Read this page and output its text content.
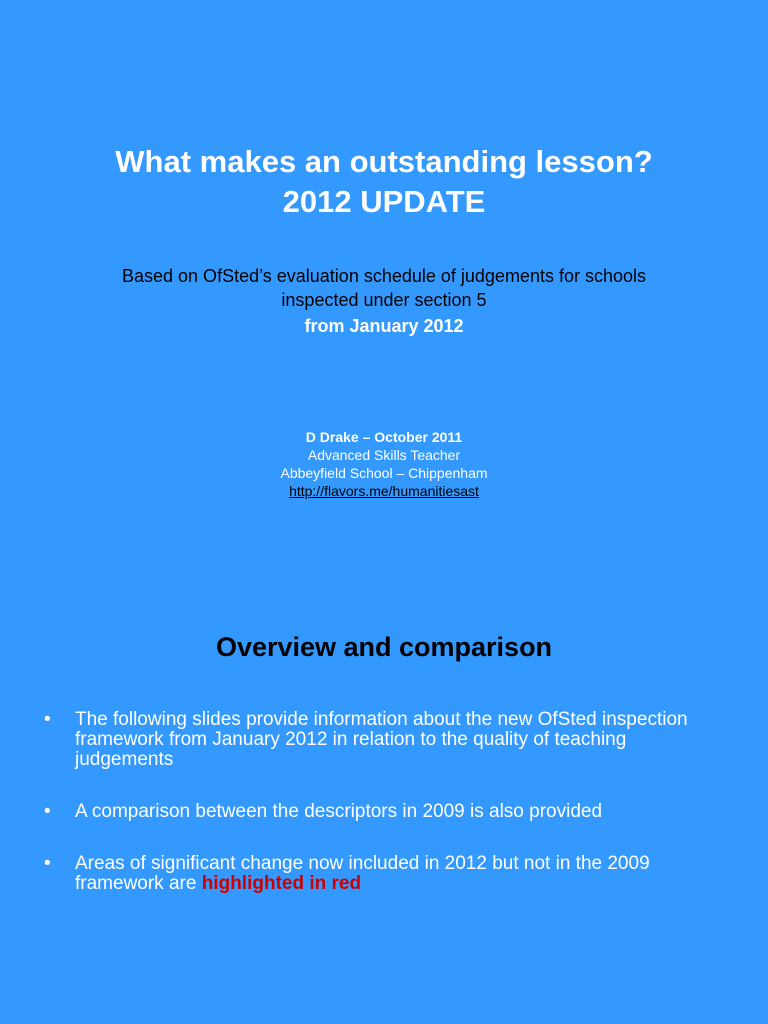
What makes an outstanding lesson?
2012 UPDATE

Based on OfSted’s evaluation schedule of judgements for schools
inspected under section 5
from January 2012

D Drake – October 2011
Advanced Skills Teacher
Abbeyfield School – Chippenham
http://flavors.me/humanitiesast
Overview and comparison
• The following slides provide information about the new OfSted inspection framework from January 2012 in relation to the quality of teaching judgements
• A comparison between the descriptors in 2009 is also provided
• Areas of significant change now included in 2012 but not in the 2009 framework are highlighted in red
